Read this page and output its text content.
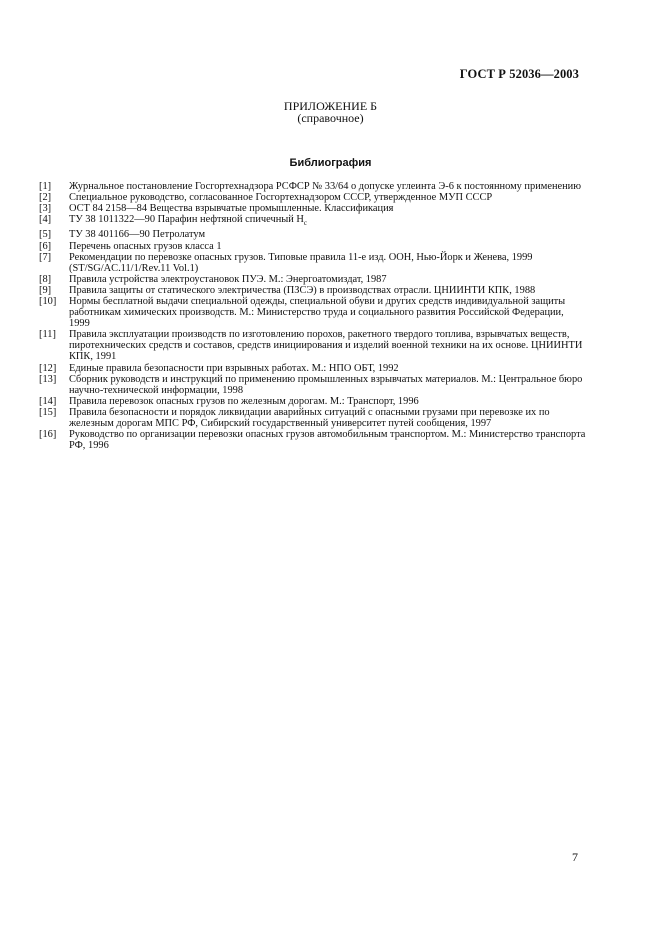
ГОСТ Р 52036—2003
ПРИЛОЖЕНИЕ Б
(справочное)
Библиография
[1]	Журнальное постановление Госгортехнадзора РСФСР № 33/64 о допуске углеинта Э-6 к постоянному применению
[2]	Специальное руководство, согласованное Госгортехнадзором СССР, утвержденное МУП СССР
[3]	ОСТ 84 2158—84 Вещества взрывчатые промышленные. Классификация
[4]	ТУ 38 1011322—90 Парафин нефтяной спичечный $Н_с$
[5]	ТУ 38 401166—90 Петролатум
[6]	Перечень опасных грузов класса 1
[7]	Рекомендации по перевозке опасных грузов. Типовые правила 11-е изд. ООН, Нью-Йорк и Женева, 1999 (ST/SG/AC.11/1/Rev.11 Vol.1)
[8]	Правила устройства электроустановок ПУЭ. М.: Энергоатомиздат, 1987
[9]	Правила защиты от статического электричества (ПЗСЭ) в производствах отрасли. ЦНИИНТИ КПК, 1988
[10]	Нормы бесплатной выдачи специальной одежды, специальной обуви и других средств индивидуальной защиты работникам химических производств. М.: Министерство труда и социального развития Российской Федерации, 1999
[11]	Правила эксплуатации производств по изготовлению порохов, ракетного твердого топлива, взрывчатых веществ, пиротехнических средств и составов, средств инициирования и изделий военной техники на их основе. ЦНИИНТИ КПК, 1991
[12]	Единые правила безопасности при взрывных работах. М.: НПО ОБТ, 1992
[13]	Сборник руководств и инструкций по применению промышленных взрывчатых материалов. М.: Центральное бюро научно-технической информации, 1998
[14]	Правила перевозок опасных грузов по железным дорогам. М.: Транспорт, 1996
[15]	Правила безопасности и порядок ликвидации аварийных ситуаций с опасными грузами при перевозке их по железным дорогам МПС РФ, Сибирский государственный университет путей сообщения, 1997
[16]	Руководство по организации перевозки опасных грузов автомобильным транспортом. М.: Министерство транспорта РФ, 1996
7
